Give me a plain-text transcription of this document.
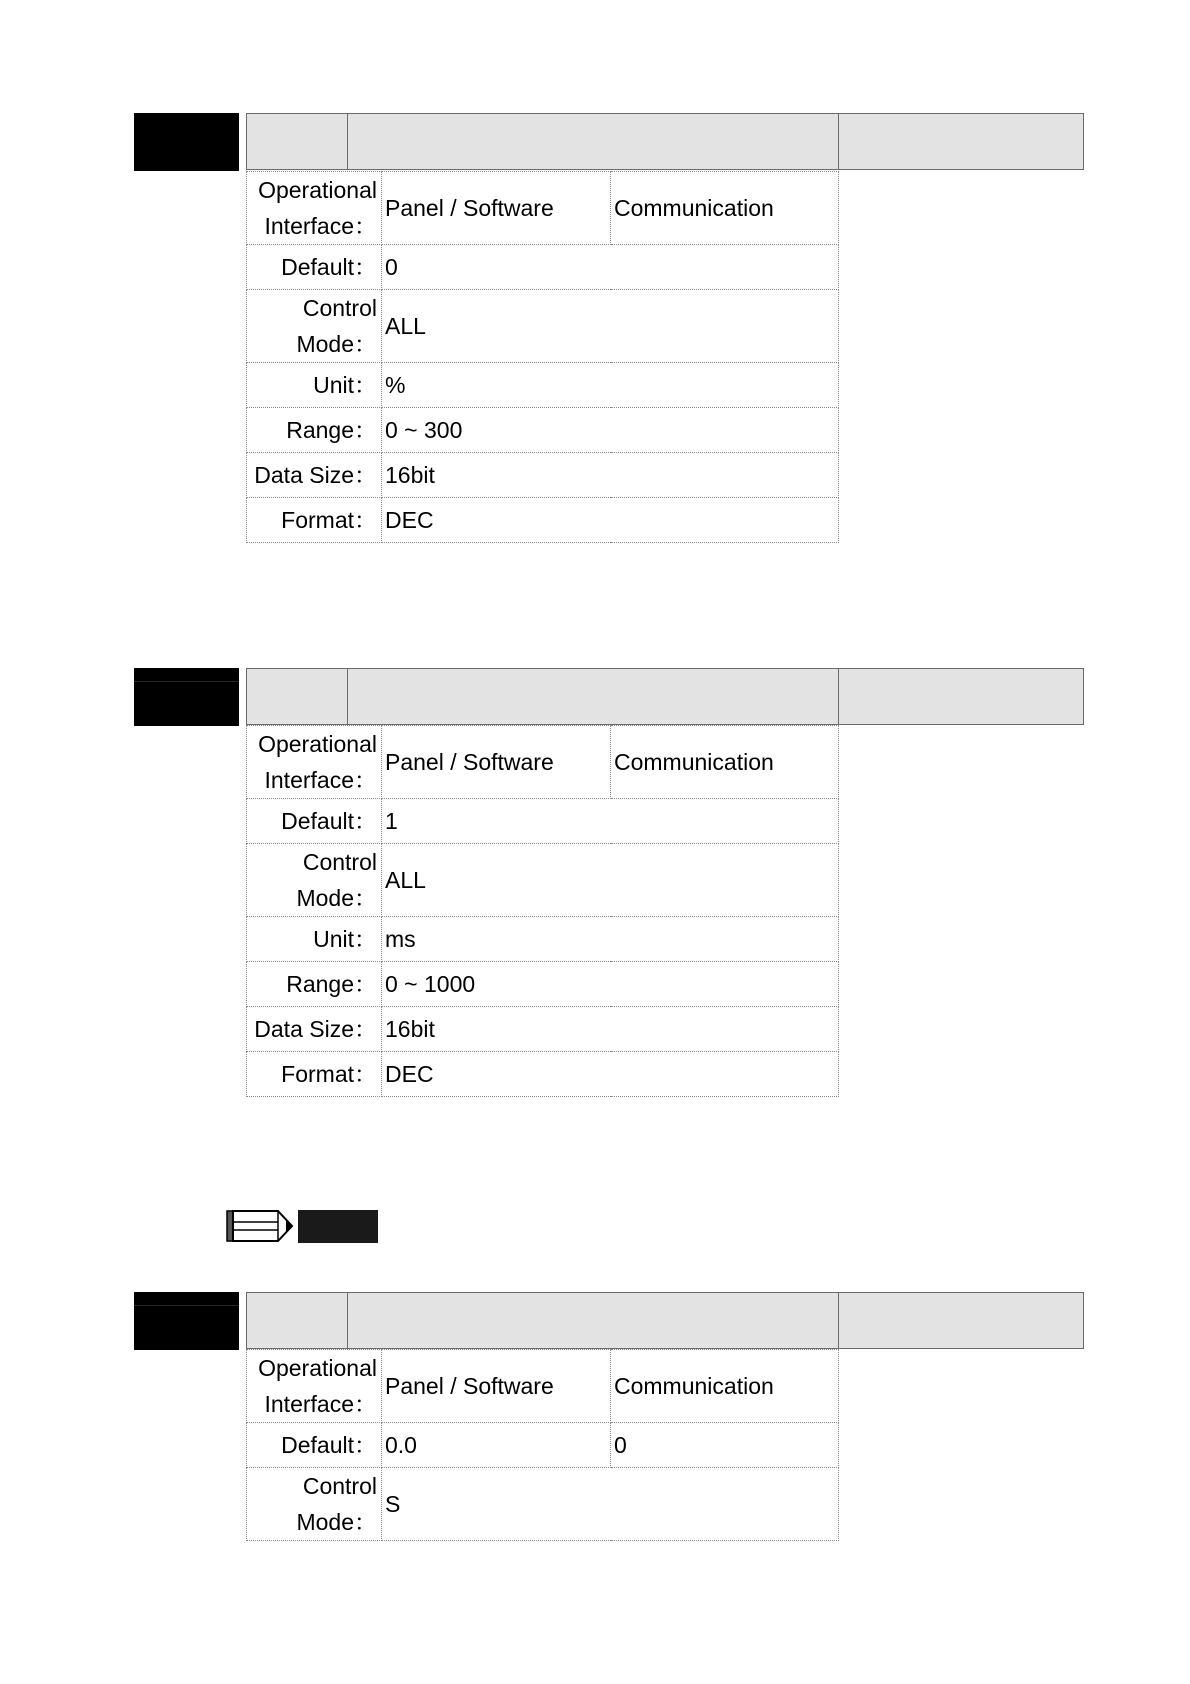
Operational
Interface：	Panel / Software	Communication
Default：	0	

Control
Mode：	ALL	
Unit：	%	
Range：	0 ~ 300	
Data Size：	16bit	
Format：	DEC	
Operational
Interface：	Panel / Software	Communication
Default：	1	

Control
Mode：	ALL	
Unit：	ms	
Range：	0 ~ 1000	
Data Size：	16bit	
Format：	DEC	
Operational
Interface：	Panel / Software	Communication
Default：	0.0	0

Control
Mode：	S	
